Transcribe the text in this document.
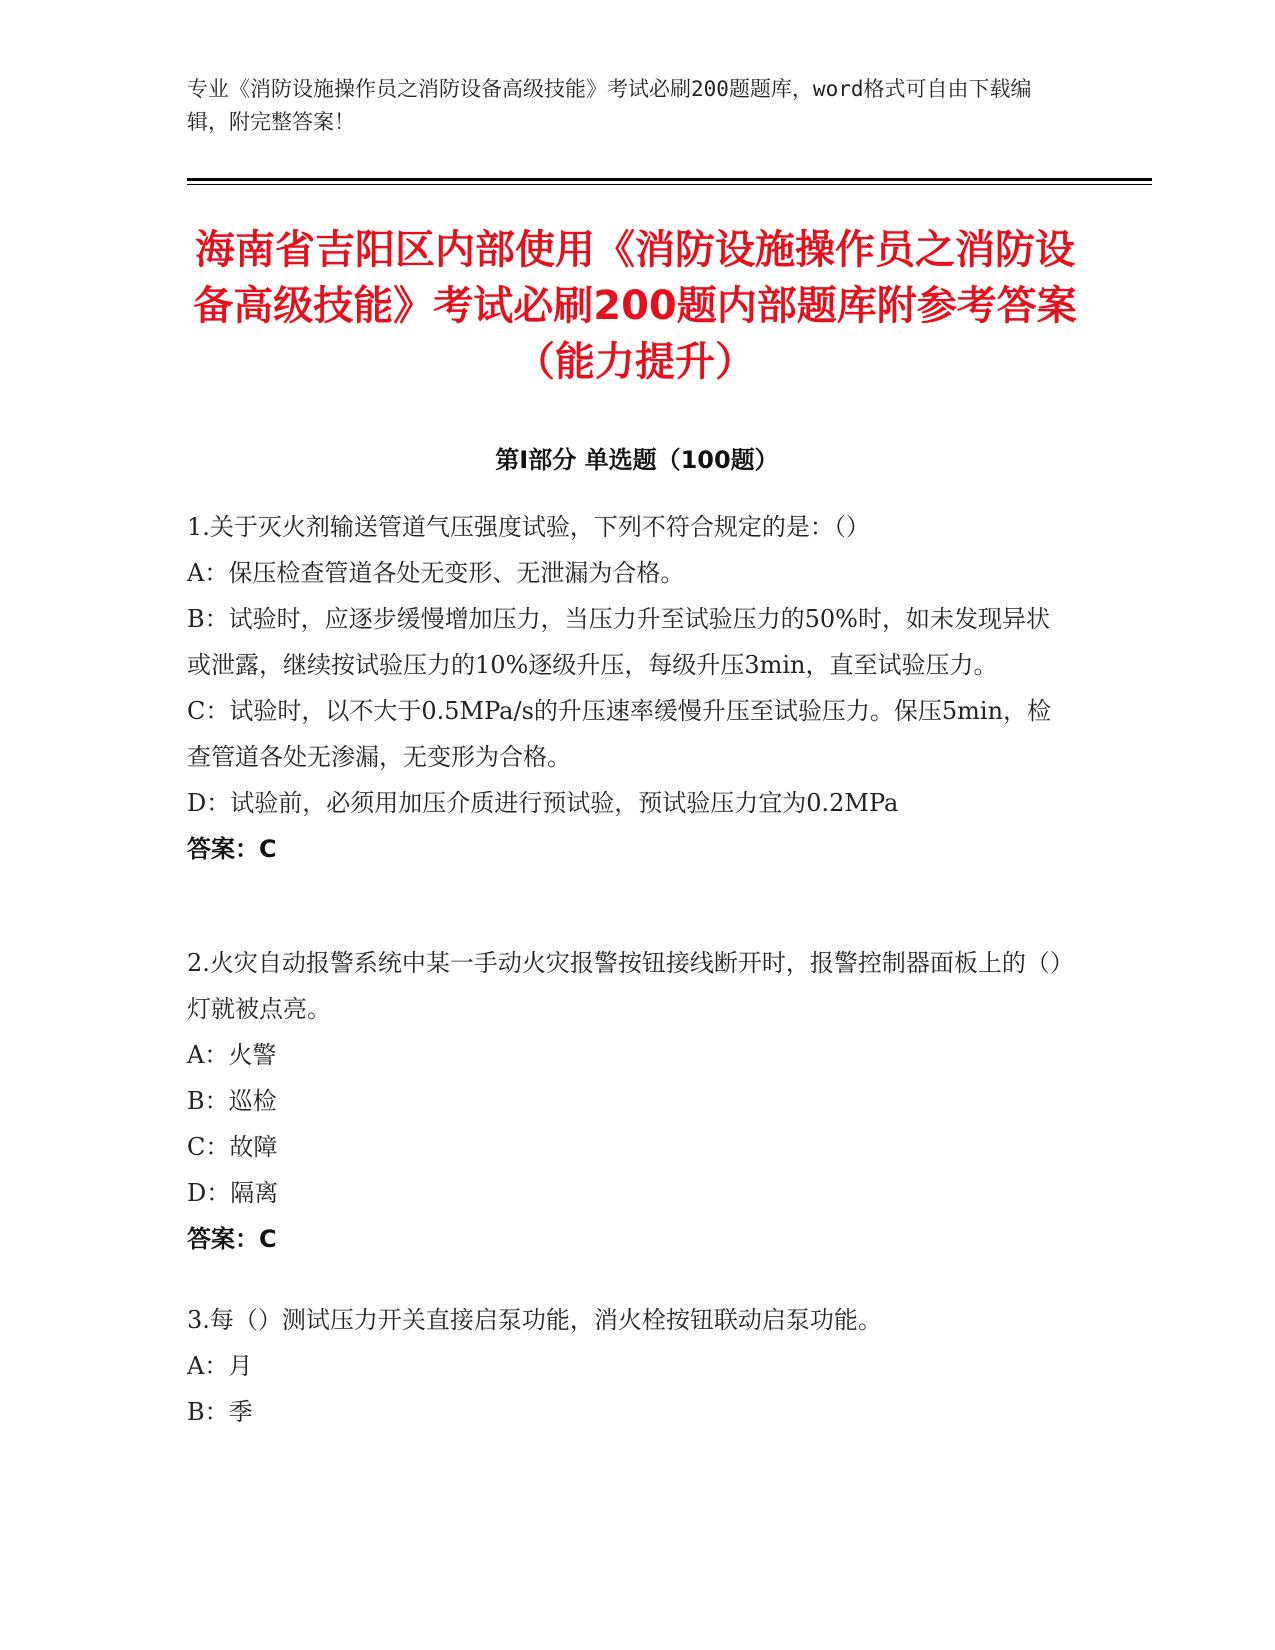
专业《消防设施操作员之消防设备高级技能》考试必刷200题题库，word格式可自由下载编辑，附完整答案！
海南省吉阳区内部使用《消防设施操作员之消防设备高级技能》考试必刷200题内部题库附参考答案（能力提升）
第Ⅰ部分 单选题（100题）

1.关于灭火剂输送管道气压强度试验，下列不符合规定的是：（）

A：保压检查管道各处无变形、无泄漏为合格。

B：试验时，应逐步缓慢增加压力，当压力升至试验压力的50%时，如未发现异状或泄露，继续按试验压力的10%逐级升压，每级升压3min，直至试验压力。

C：试验时，以不大于0.5MPa/s的升压速率缓慢升压至试验压力。保压5min，检查管道各处无渗漏，无变形为合格。

D：试验前，必须用加压介质进行预试验，预试验压力宜为0.2MPa

答案：C

2.火灾自动报警系统中某一手动火灾报警按钮接线断开时，报警控制器面板上的（）灯就被点亮。

A：火警

B：巡检

C：故障

D：隔离

答案：C

3.每（）测试压力开关直接启泵功能，消火栓按钮联动启泵功能。

A：月

B：季
